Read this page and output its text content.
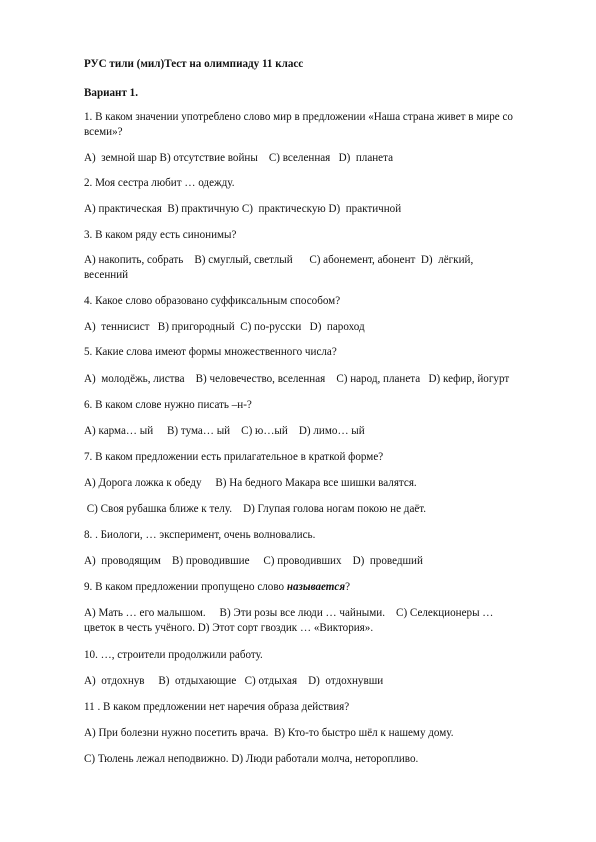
РУС тили (мил)Тест на олимпиаду 11 класс
Вариант 1.
1. В каком значении употреблено слово мир в предложении «Наша страна живет в мире со
всеми»?
А)  земной шар В) отсутствие войны    С) вселенная   D)  планета
2. Моя сестра любит … одежду.
А) практическая  В) практичную С)  практическую D)  практичной
3. В каком ряду есть синонимы?
А) накопить, собрать    В) смуглый, светлый      С) абонемент, абонент  D)  лёгкий,
весенний
4. Какое слово образовано суффиксальным способом?
А)  теннисист   В) пригородный  С) по-русски   D)  пароход
5. Какие слова имеют формы множественного числа?
А)  молодёжь, листва    В) человечество, вселенная    С) народ, планета   D) кефир, йогурт
6. В каком слове нужно писать –н-?
А) карма… ый     В) тума… ый    С) ю…ый    D) лимо… ый
7. В каком предложении есть прилагательное в краткой форме?
А) Дорога ложка к обеду     В) На бедного Макара все шишки валятся.
С) Своя рубашка ближе к телу.    D) Глупая голова ногам покою не даёт.
8. . Биологи, … эксперимент, очень волновались.
А)  проводящим    В) проводившие     С) проводивших    D)  проведший
9. В каком предложении пропущено слово называется?
А) Мать … его малышом.     В) Эти розы все люди … чайными.    С) Селекционеры …
цветок в честь учёного. D) Этот сорт гвоздик … «Виктория».
10. …, строители продолжили работу.
А)  отдохнув     В)  отдыхающие   С) отдыхая    D)  отдохнувши
11 . В каком предложении нет наречия образа действия?
А) При болезни нужно посетить врача.  В) Кто-то быстро шёл к нашему дому.
С) Тюлень лежал неподвижно. D) Люди работали молча, неторопливо.
